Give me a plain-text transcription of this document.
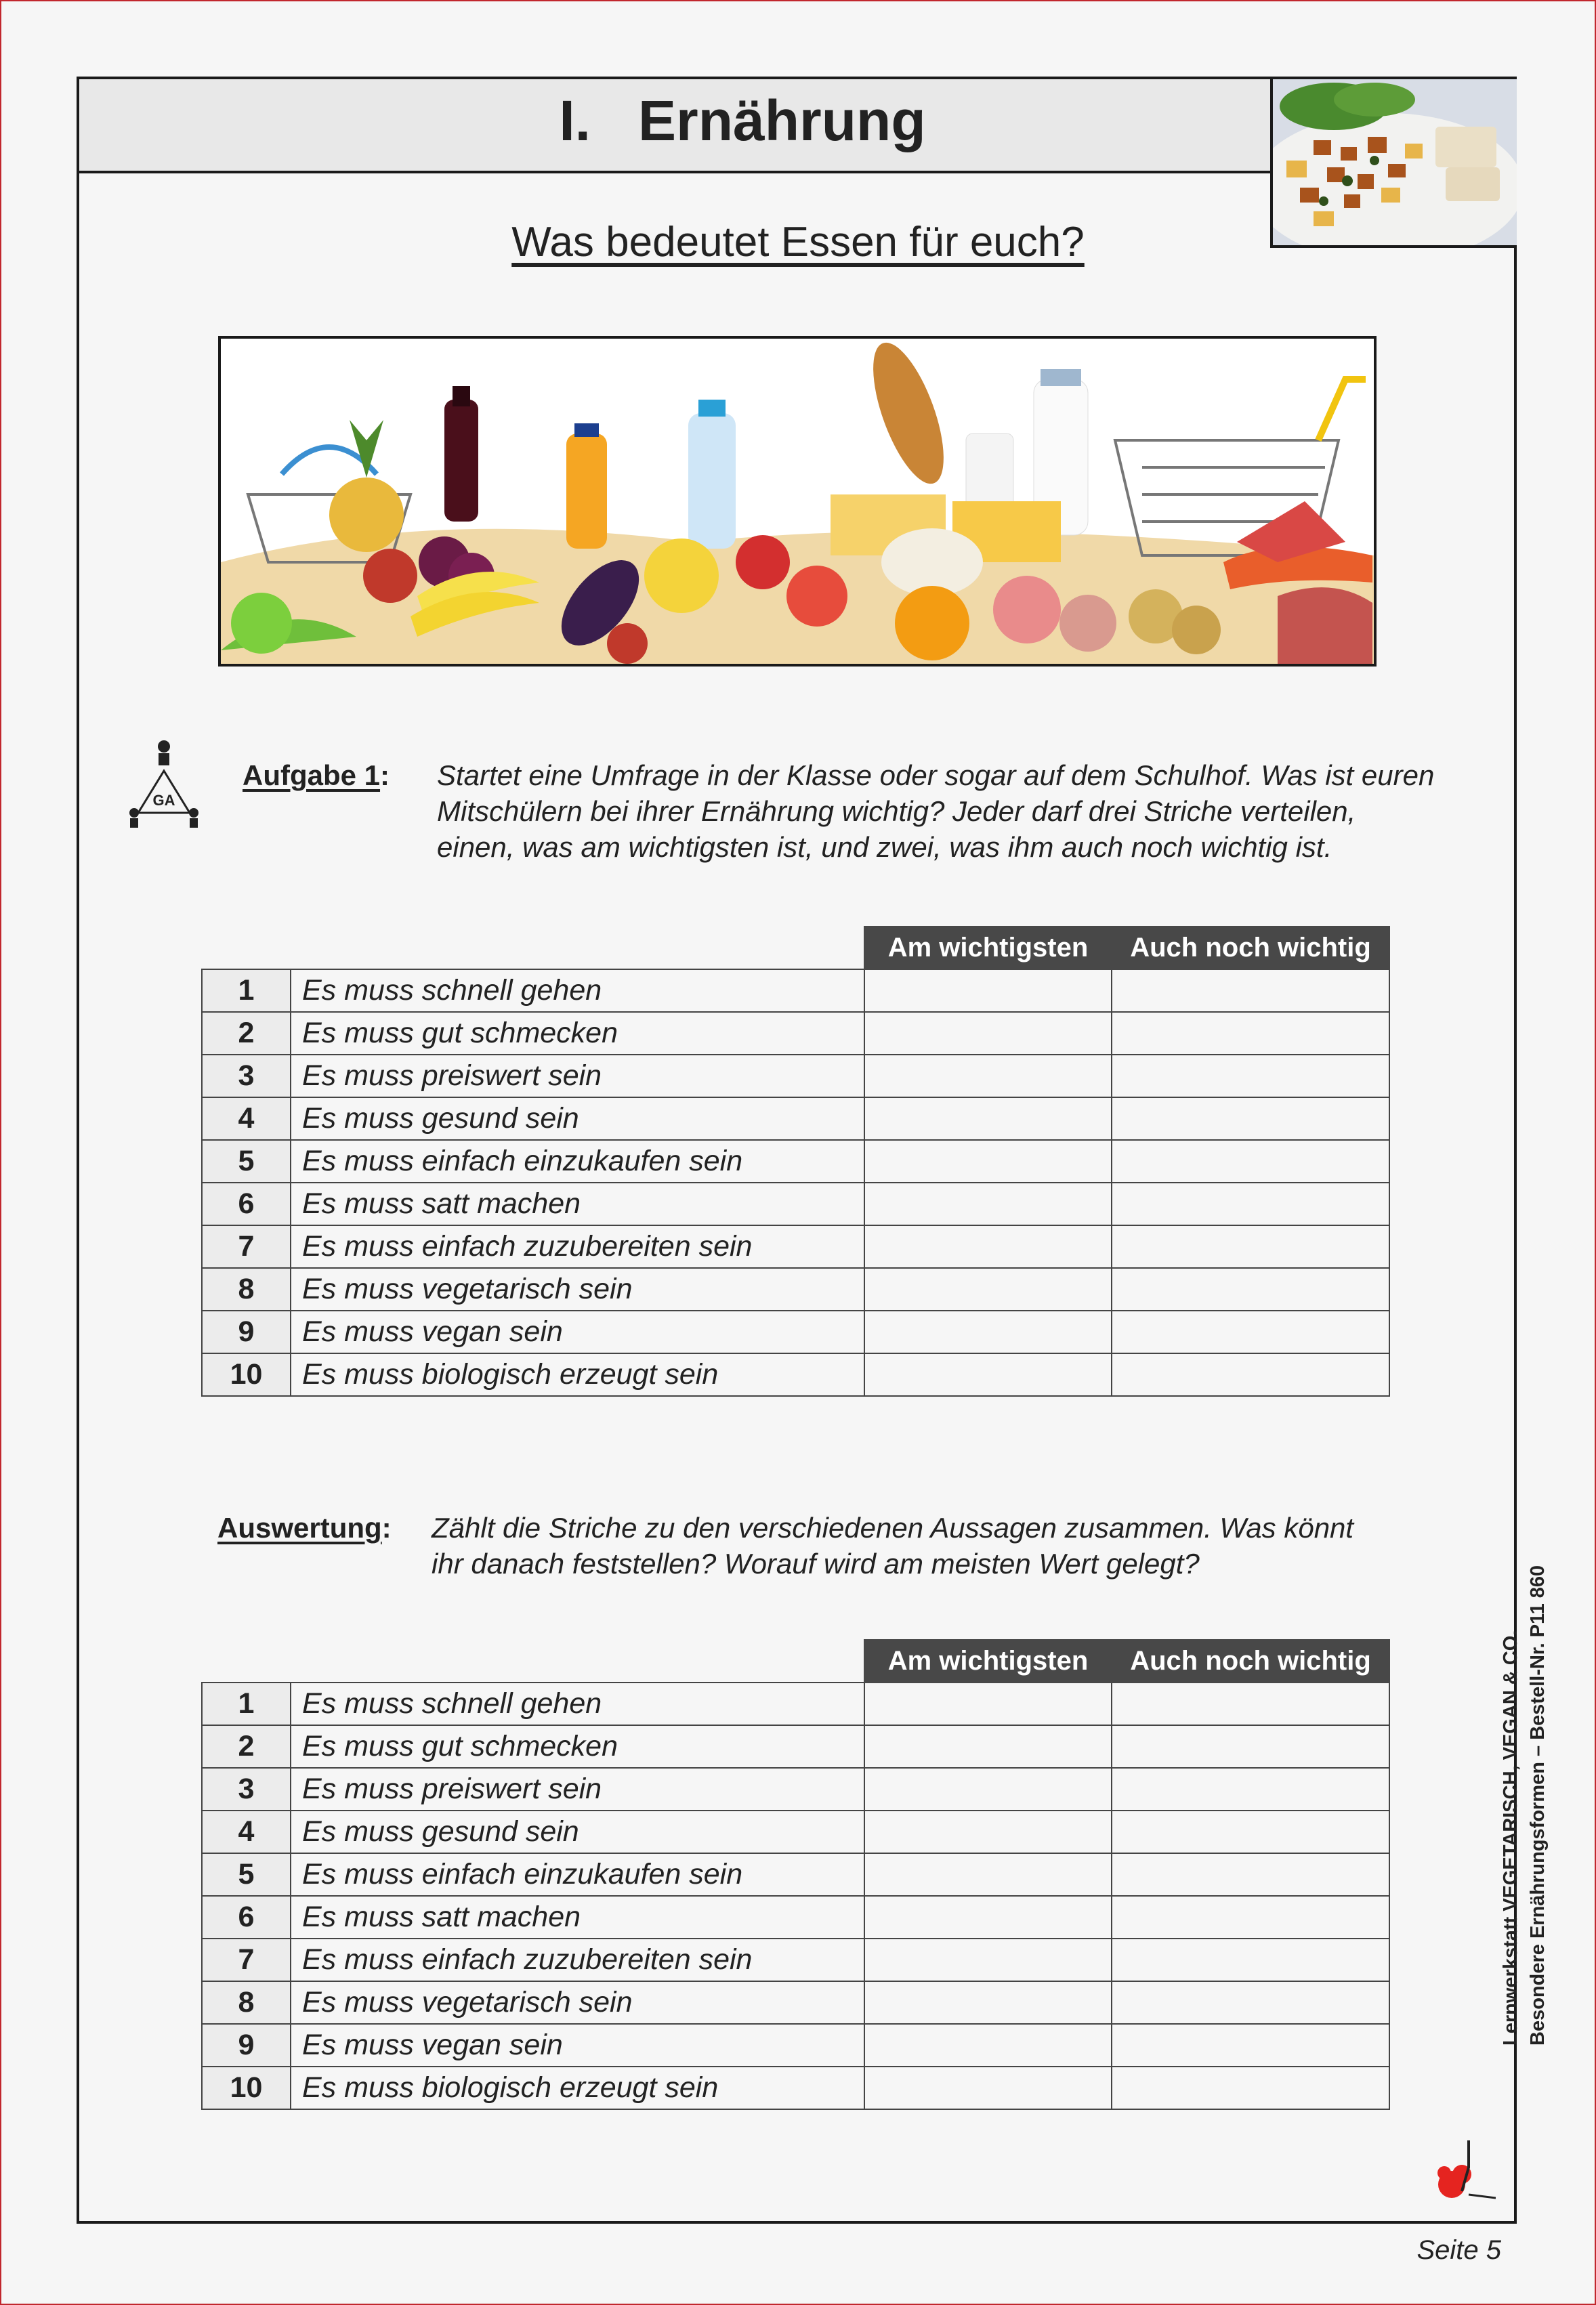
I. Ernährung
Was bedeutet Essen für euch?
GA
Aufgabe 1: Startet eine Umfrage in der Klasse oder sogar auf dem Schulhof. Was ist euren
Mitschülern bei ihrer Ernährung wichtig? Jeder darf drei Striche verteilen,
einen, was am wichtigsten ist, und zwei, was ihm auch noch wichtig ist.
		Am wichtigsten	Auch noch wichtig
1	Es muss schnell gehen		
2	Es muss gut schmecken		
3	Es muss preiswert sein		
4	Es muss gesund sein		
5	Es muss einfach einzukaufen sein		
6	Es muss satt machen		
7	Es muss einfach zuzubereiten sein		
8	Es muss vegetarisch sein		
9	Es muss vegan sein		
10	Es muss biologisch erzeugt sein		
Auswertung: Zählt die Striche zu den verschiedenen Aussagen zusammen. Was könnt
ihr danach feststellen? Worauf wird am meisten Wert gelegt?
		Am wichtigsten	Auch noch wichtig
1	Es muss schnell gehen		
2	Es muss gut schmecken		
3	Es muss preiswert sein		
4	Es muss gesund sein		
5	Es muss einfach einzukaufen sein		
6	Es muss satt machen		
7	Es muss einfach zuzubereiten sein		
8	Es muss vegetarisch sein		
9	Es muss vegan sein		
10	Es muss biologisch erzeugt sein		
Lernwerkstatt VEGETARISCH, VEGAN & CO. Besondere Ernährungsformen – Bestell-Nr. P11 860
Seite 5
